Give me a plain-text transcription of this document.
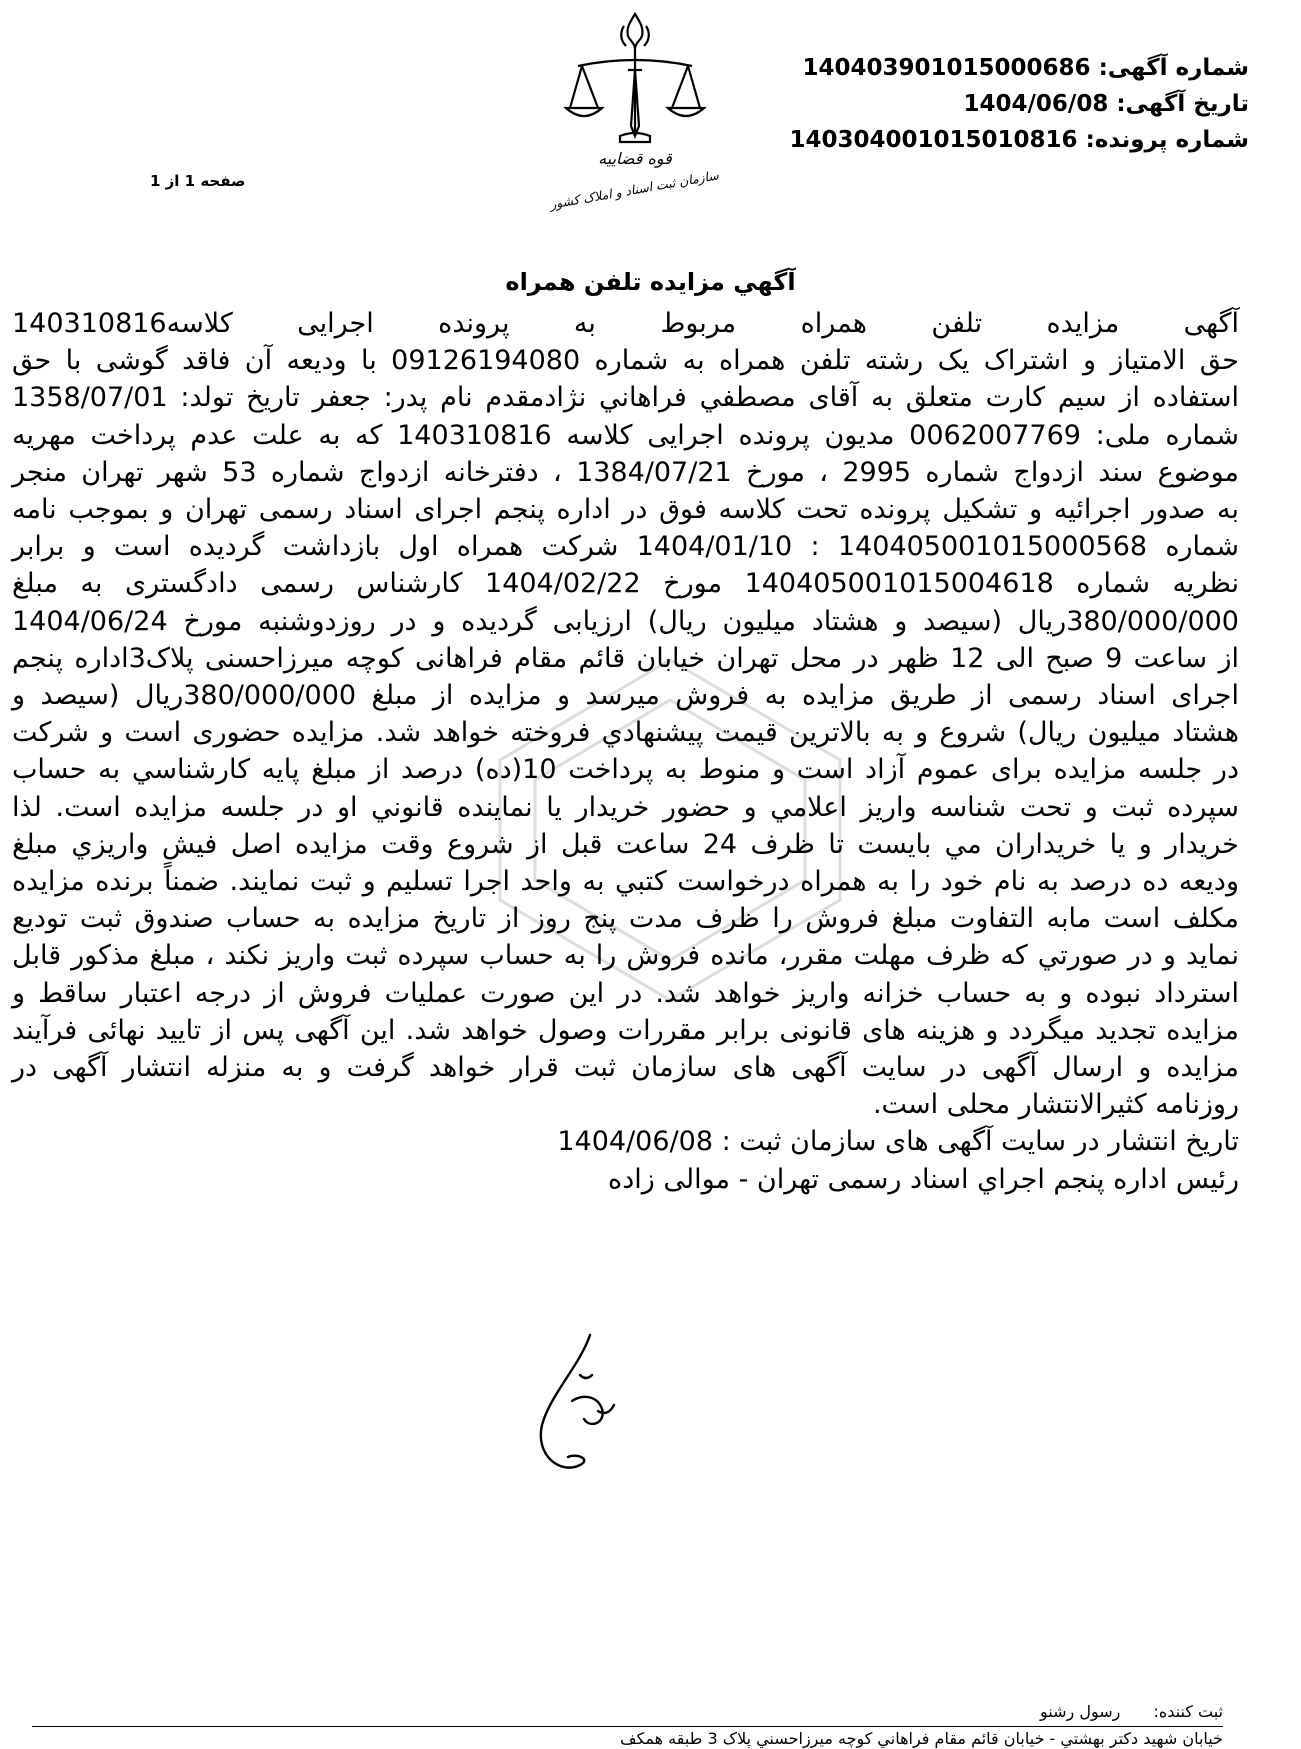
قوه قضاییه
سازمان ثبت اسناد و املاک کشور
شماره آگهی: 140403901015000686
تاریخ آگهی: 1404/06/08
شماره پرونده: 140304001015010816
صفحه 1 از 1
آگهي مزايده تلفن همراه

آگهی مزایده تلفن همراه مربوط به پرونده اجرایی کلاسه140310816
حق الامتیاز و اشتراک یک رشته تلفن همراه به شماره 09126194080 با ودیعه آن فاقد گوشی با حق
استفاده از سیم کارت متعلق به آقای مصطفي فراهاني نژادمقدم نام پدر: جعفر تاریخ تولد: 1358/07/01
شماره ملی: 0062007769 مدیون پرونده اجرایی کلاسه 140310816 که به علت عدم پرداخت مهریه
موضوع سند ازدواج شماره 2995 ، مورخ 1384/07/21 ، دفترخانه ازدواج شماره 53 شهر تهران منجر
به صدور اجرائیه و تشکیل پرونده تحت کلاسه فوق در اداره پنجم اجرای اسناد رسمی تهران و بموجب نامه
شماره 140405001015000568 : 1404/01/10 شرکت همراه اول بازداشت گردیده است و برابر
نظریه شماره 140405001015004618 مورخ 1404/02/22 کارشناس رسمی دادگستری به مبلغ
380/000/000ریال (سیصد و هشتاد میلیون ریال) ارزیابی گردیده و در روزدوشنبه مورخ 1404/06/24
از ساعت 9 صبح الی 12 ظهر در محل تهران خیابان قائم مقام فراهانی کوچه میرزاحسنی پلاک3اداره پنجم
اجرای اسناد رسمی از طریق مزایده به فروش میرسد و مزایده از مبلغ 380/000/000ریال (سیصد و
هشتاد میلیون ریال) شروع و به بالاترین قیمت پیشنهادي فروخته خواهد شد. مزایده حضوری است و شرکت
در جلسه مزایده برای عموم آزاد است و منوط به پرداخت 10(ده) درصد از مبلغ پایه کارشناسي به حساب
سپرده ثبت و تحت شناسه واریز اعلامي و حضور خریدار یا نماینده قانوني او در جلسه مزایده است. لذا
خریدار و یا خریداران مي بایست تا ظرف 24 ساعت قبل از شروع وقت مزایده اصل فیش واریزي مبلغ
ودیعه ده درصد به نام خود را به همراه درخواست کتبي به واحد اجرا تسلیم و ثبت نمایند. ضمناً برنده مزایده
مکلف است مابه التفاوت مبلغ فروش را ظرف مدت پنج روز از تاریخ مزایده به حساب صندوق ثبت تودیع
نماید و در صورتي که ظرف مهلت مقرر، مانده فروش را به حساب سپرده ثبت واریز نکند ، مبلغ مذکور قابل
استرداد نبوده و به حساب خزانه واریز خواهد شد. در این صورت عملیات فروش از درجه اعتبار ساقط و
مزایده تجدید میگردد و هزینه های قانونی برابر مقررات وصول خواهد شد. این آگهی پس از تایید نهائی فرآیند
مزایده و ارسال آگهی در سایت آگهی های سازمان ثبت قرار خواهد گرفت و به منزله انتشار آگهی در

روزنامه کثیرالانتشار محلی است.
تاریخ انتشار در سایت آگهی های سازمان ثبت : 1404/06/08
رئیس اداره پنجم اجراي اسناد رسمی تهران - موالی زاده
ثبت کننده: رسول رشنو
خیابان شهید دکتر بهشتي - خیابان قائم مقام فراهاني کوچه میرزاحسني پلاک 3 طبقه همکف
